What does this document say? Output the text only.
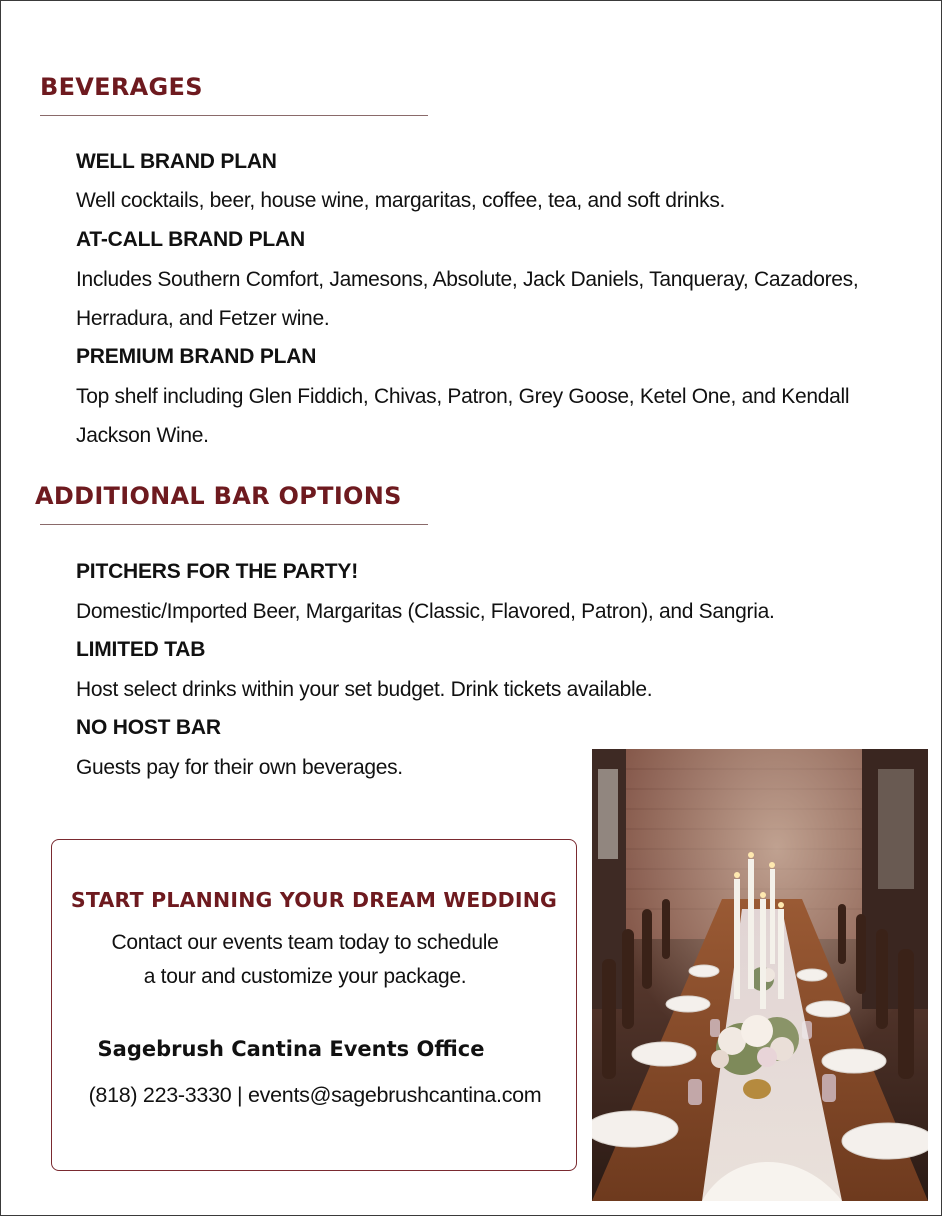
BEVERAGES
WELL BRAND PLAN

Well cocktails, beer, house wine, margaritas, coffee, tea, and soft drinks.

AT-CALL BRAND PLAN

Includes Southern Comfort, Jamesons, Absolute, Jack Daniels, Tanqueray, Cazadores, Herradura, and Fetzer wine.

PREMIUM BRAND PLAN

Top shelf including Glen Fiddich, Chivas, Patron, Grey Goose, Ketel One, and Kendall Jackson Wine.

ADDITIONAL BAR OPTIONS
PITCHERS FOR THE PARTY!

Domestic/Imported Beer, Margaritas (Classic, Flavored, Patron), and Sangria.

LIMITED TAB

Host select drinks within your set budget. Drink tickets available.

NO HOST BAR

Guests pay for their own beverages.

START PLANNING YOUR DREAM WEDDING

Contact our events team today to schedule

a tour and customize your package.

Sagebrush Cantina Events Office

(818) 223-3330 | events@sagebrushcantina.com
